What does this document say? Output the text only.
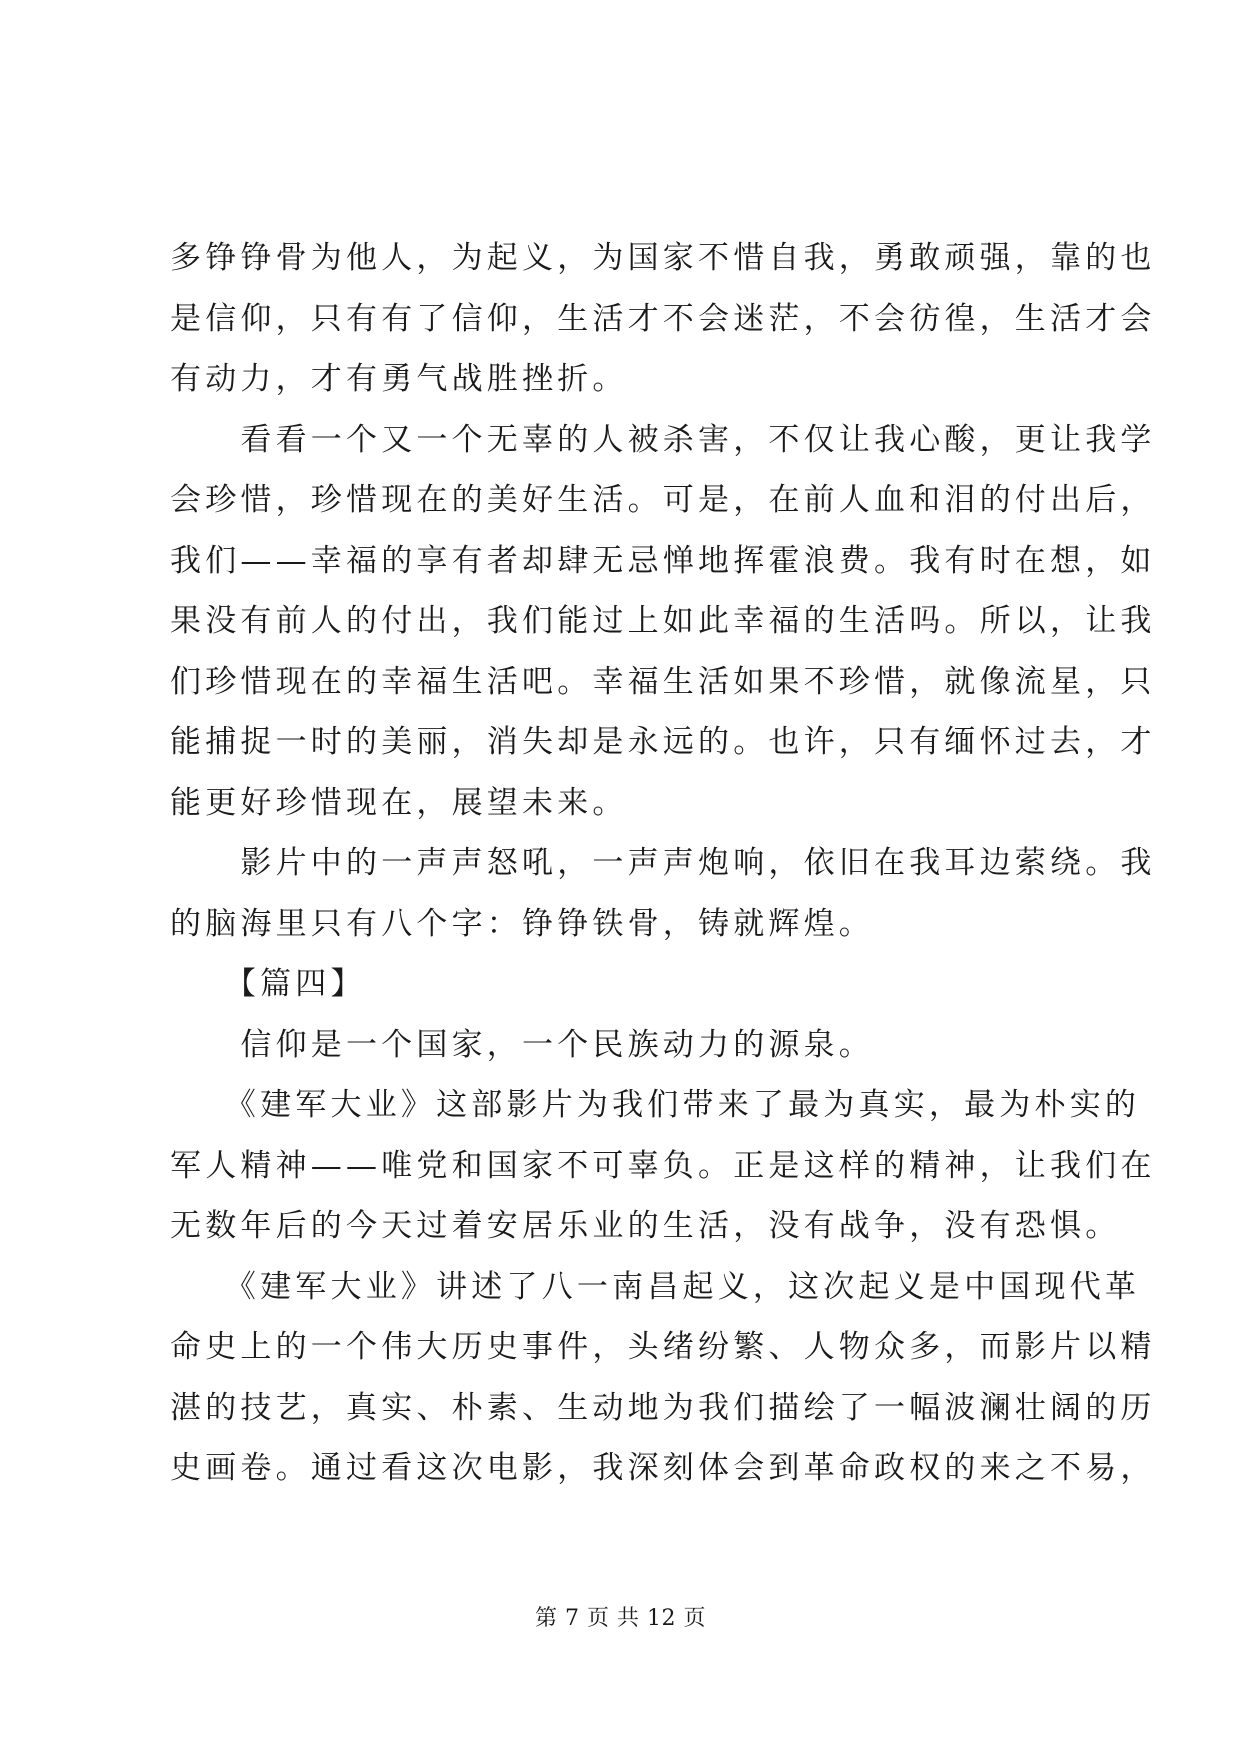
多铮铮骨为他人，为起义，为国家不惜自我，勇敢顽强，靠的也
是信仰，只有有了信仰，生活才不会迷茫，不会彷徨，生活才会
有动力，才有勇气战胜挫折。
　　看看一个又一个无辜的人被杀害，不仅让我心酸，更让我学
会珍惜，珍惜现在的美好生活。可是，在前人血和泪的付出后，
我们——幸福的享有者却肆无忌惮地挥霍浪费。我有时在想，如
果没有前人的付出，我们能过上如此幸福的生活吗。所以，让我
们珍惜现在的幸福生活吧。幸福生活如果不珍惜，就像流星，只
能捕捉一时的美丽，消失却是永远的。也许，只有缅怀过去，才
能更好珍惜现在，展望未来。
　　影片中的一声声怒吼，一声声炮响，依旧在我耳边萦绕。我
的脑海里只有八个字：铮铮铁骨，铸就辉煌。
　　【篇四】
　　信仰是一个国家，一个民族动力的源泉。
　　《建军大业》这部影片为我们带来了最为真实，最为朴实的
军人精神——唯党和国家不可辜负。正是这样的精神，让我们在
无数年后的今天过着安居乐业的生活，没有战争，没有恐惧。
　　《建军大业》讲述了八一南昌起义，这次起义是中国现代革
命史上的一个伟大历史事件，头绪纷繁、人物众多，而影片以精
湛的技艺，真实、朴素、生动地为我们描绘了一幅波澜壮阔的历
史画卷。通过看这次电影，我深刻体会到革命政权的来之不易，
第 7 页 共 12 页
